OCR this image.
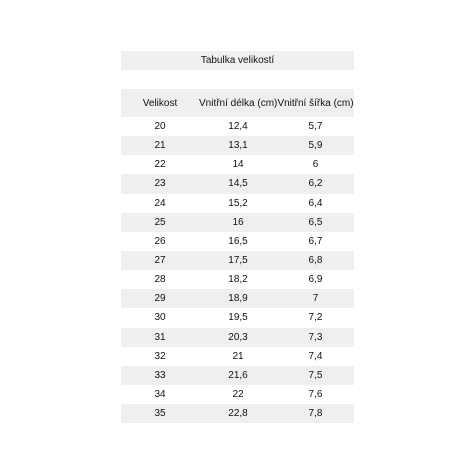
Tabulka velikostí
Velikost	Vnitřní délka (cm) Vnitřní šířka (cm)
20	12,4	5,7
21	13,1	5,9
22	14	6
23	14,5	6,2
24	15,2	6,4
25	16	6,5
26	16,5	6,7
27	17,5	6,8
28	18,2	6,9
29	18,9	7
30	19,5	7,2
31	20,3	7,3
32	21	7,4
33	21,6	7,5
34	22	7,6
35	22,8	7,8
